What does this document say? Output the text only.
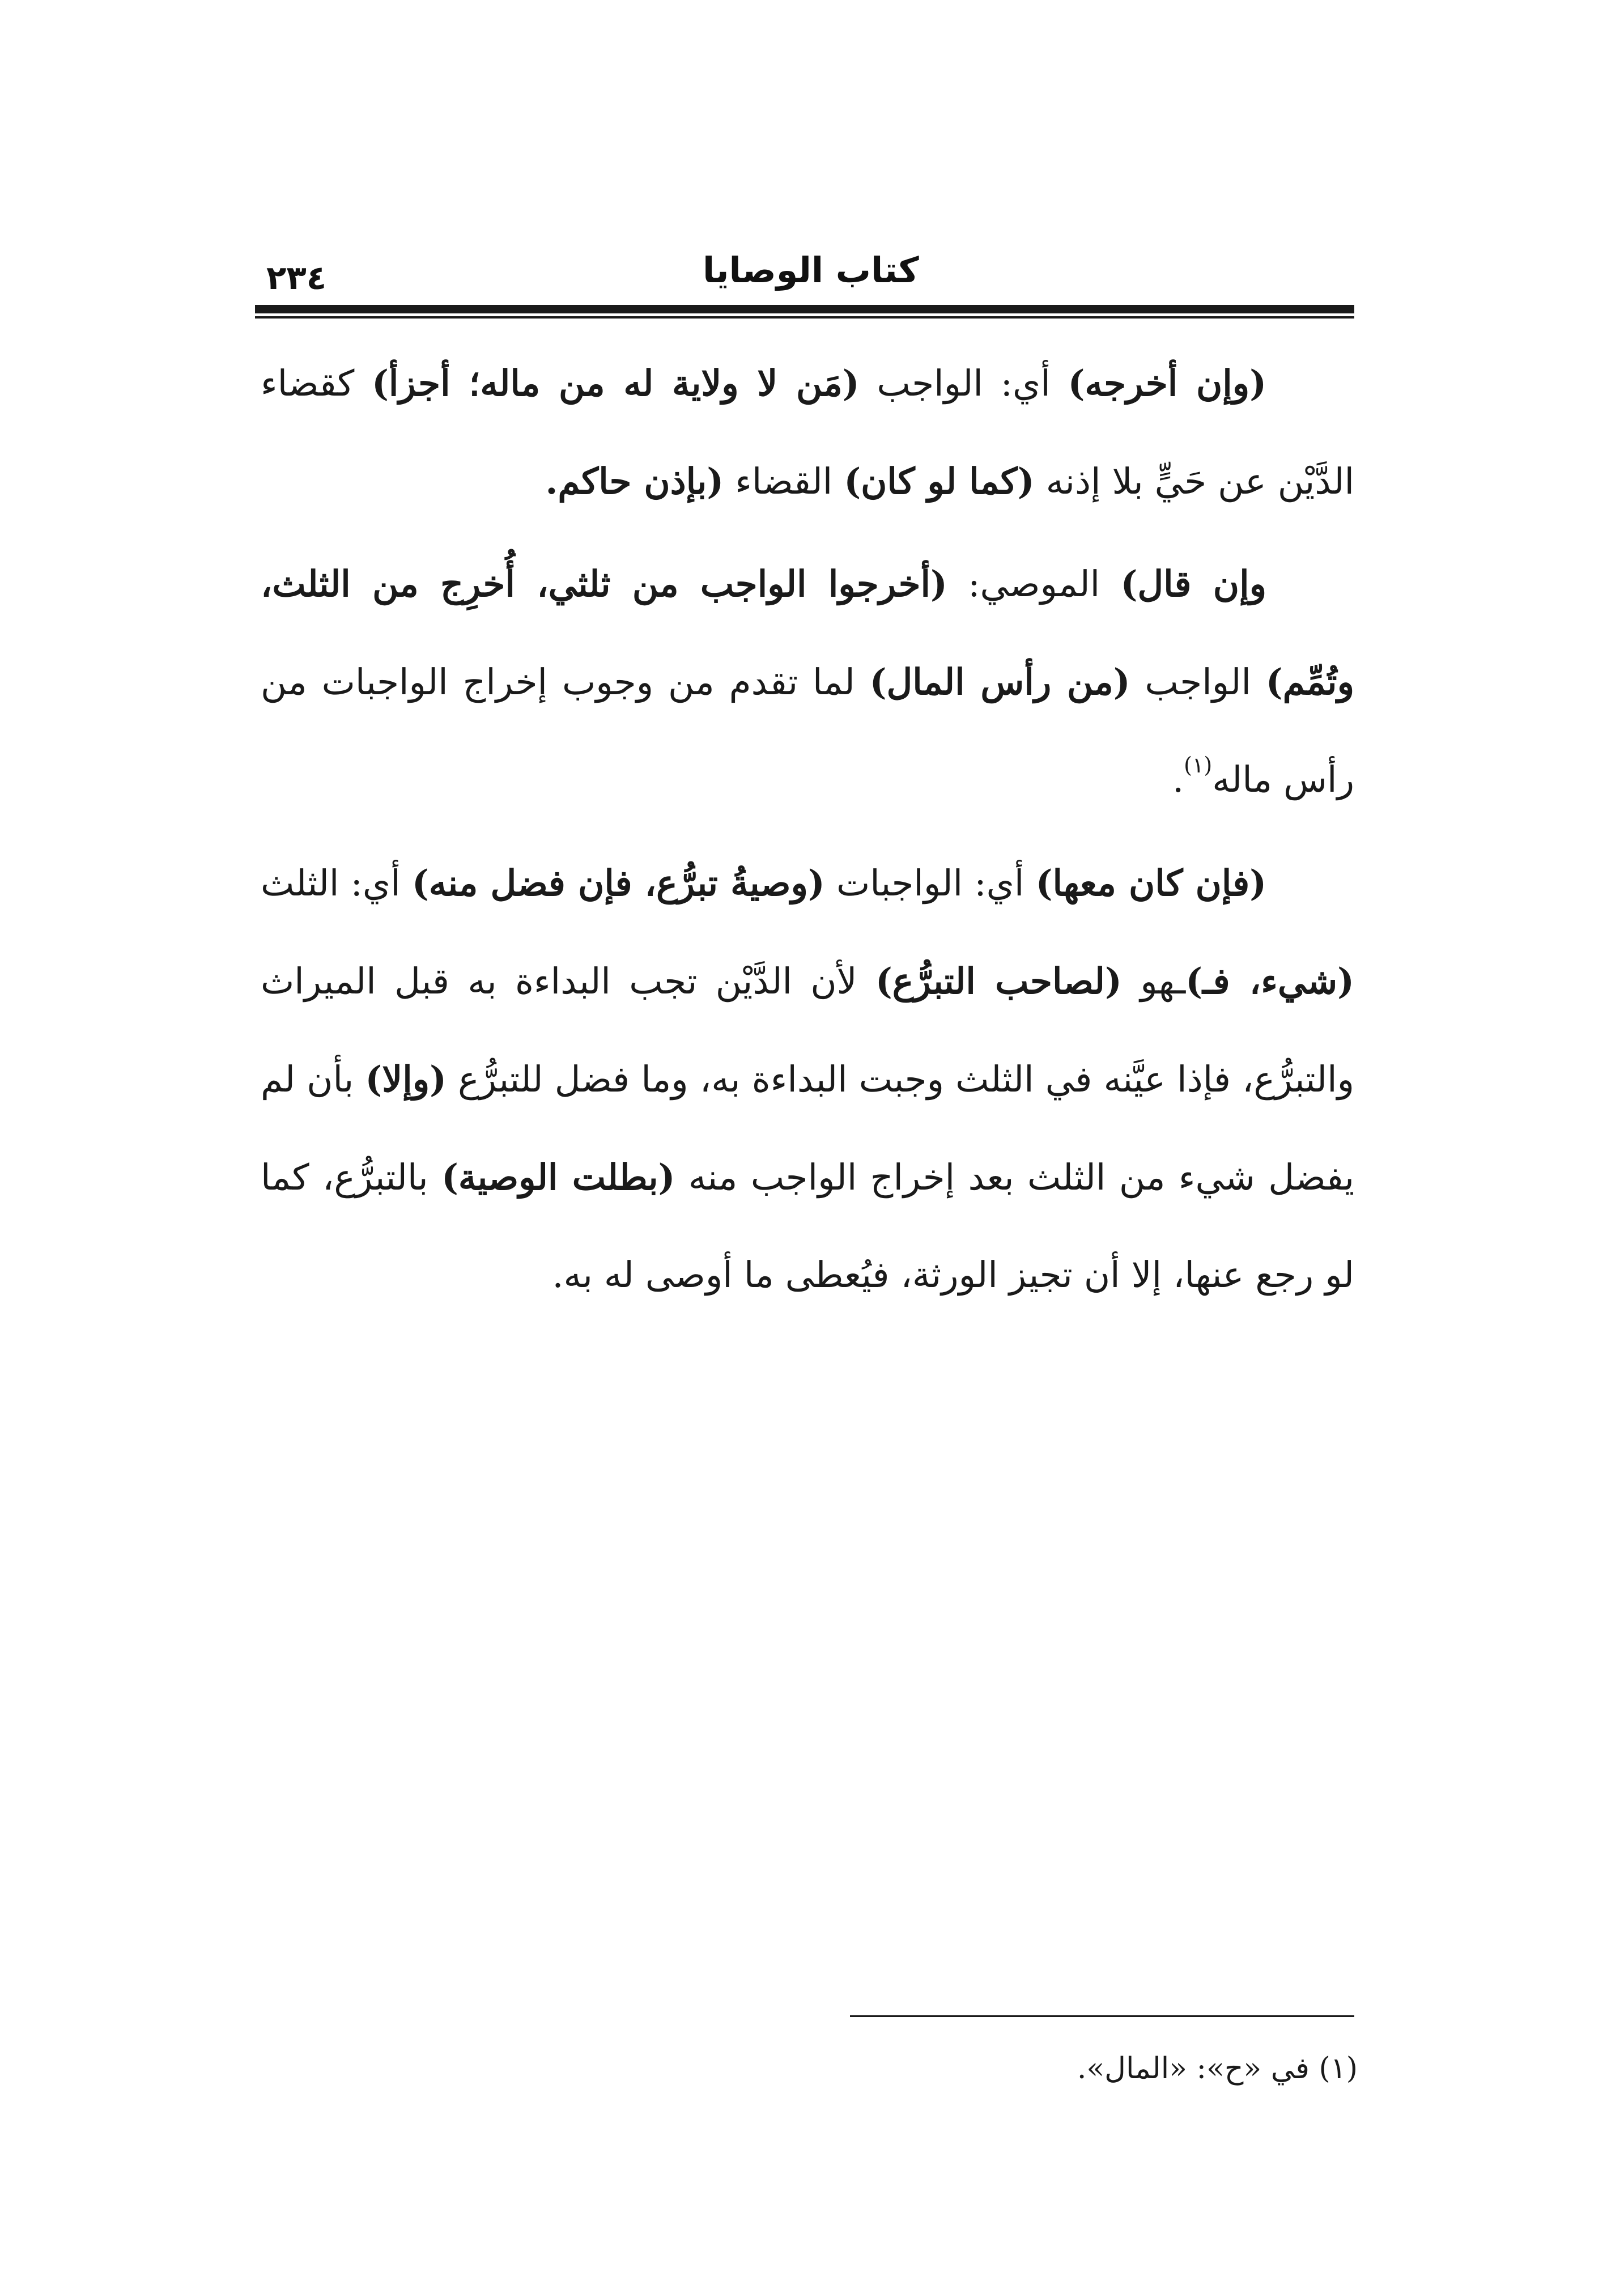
كتاب الوصايا
٢٣٤

(وإن أخرجه) أي: الواجب (مَن لا ولاية له من ماله؛ أجزأ) كقضاء الدَّيْن عن حَيٍّ بلا إذنه (كما لو كان) القضاء (بإذن حاكم.

وإن قال) الموصي: (أخرجوا الواجب من ثلثي، أُخرِج من الثلث، وتُمِّم) الواجب (من رأس المال) لما تقدم من وجوب إخراج الواجبات من رأس ماله$^{(١)}$.

(فإن كان معها) أي: الواجبات (وصيةُ تبرُّع، فإن فضل منه) أي: الثلث (شيء، فـ)ـهو (لصاحب التبرُّع) لأن الدَّيْن تجب البداءة به قبل الميراث والتبرُّع، فإذا عيَّنه في الثلث وجبت البداءة به، وما فضل للتبرُّع (وإلا) بأن لم يفضل شيء من الثلث بعد إخراج الواجب منه (بطلت الوصية) بالتبرُّع، كما لو رجع عنها، إلا أن تجيز الورثة، فيُعطى ما أوصى له به.

(١) في «ح»: «المال».
